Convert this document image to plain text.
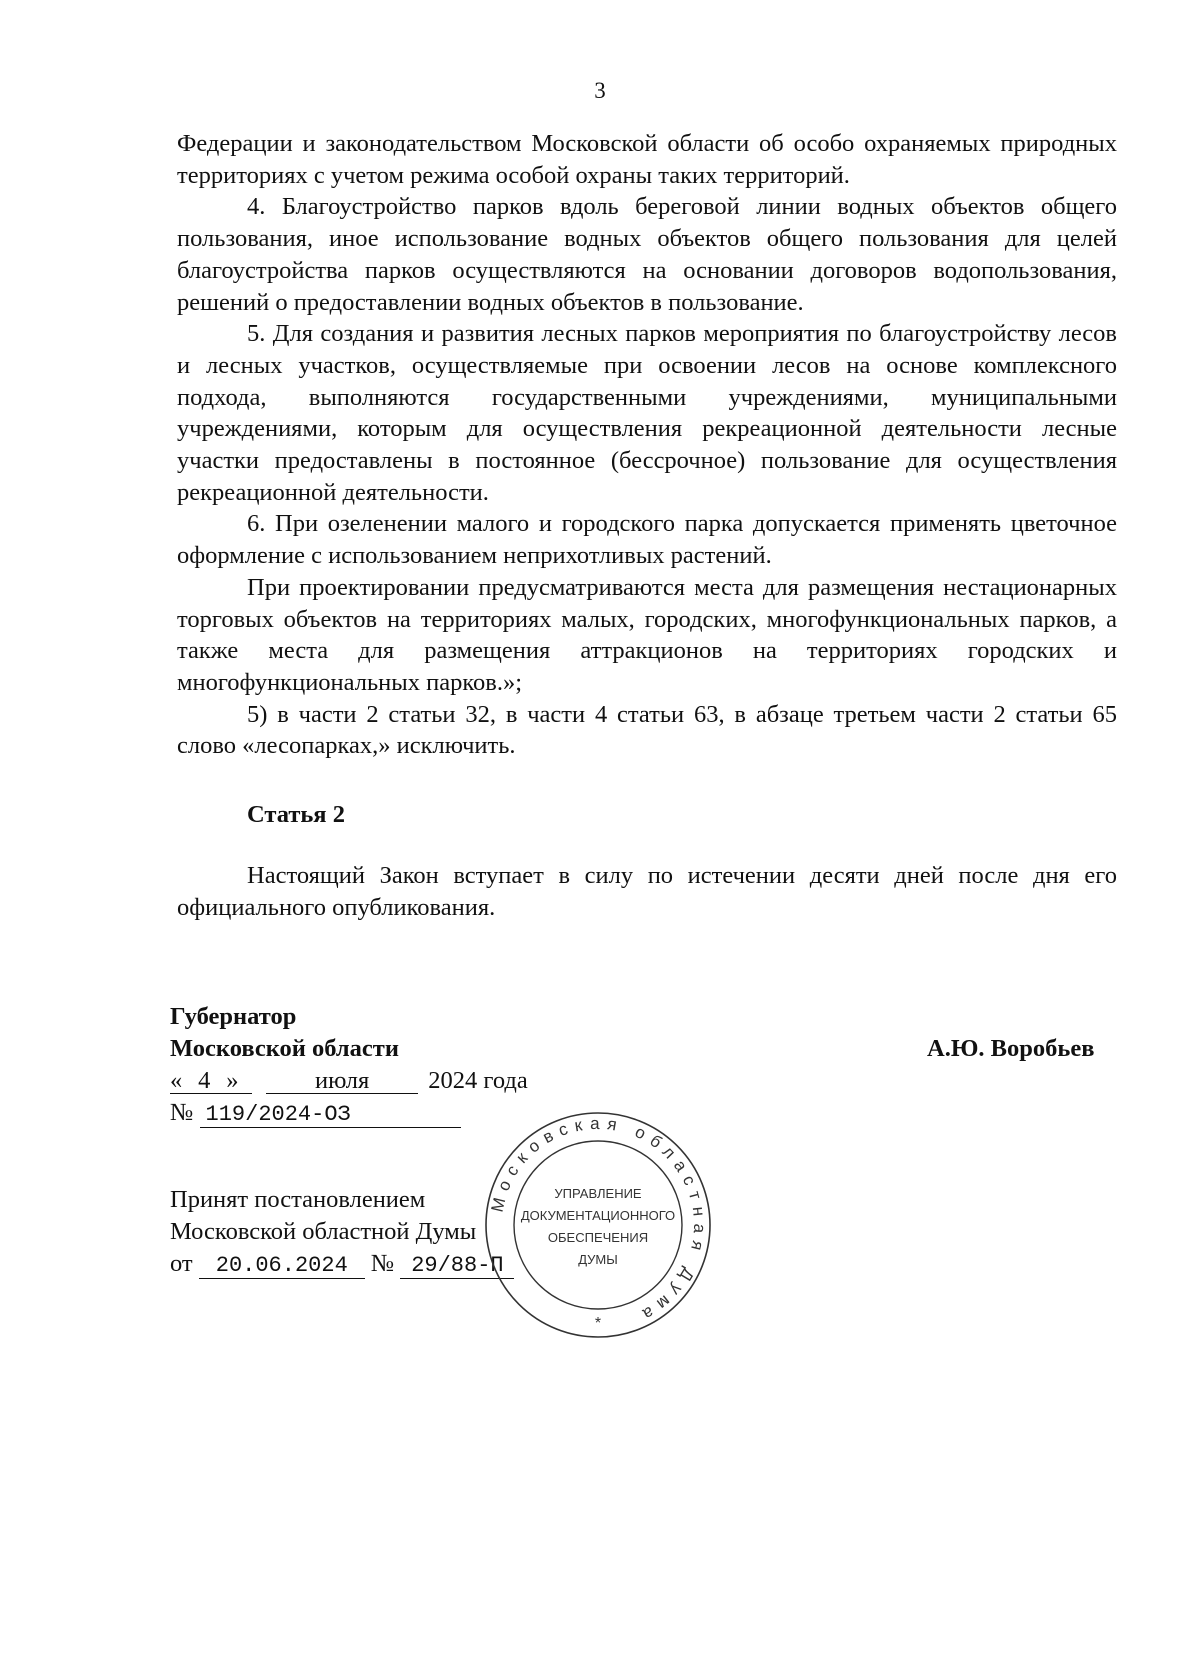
3

Федерации и законодательством Московской области об особо охраняемых природных территориях с учетом режима особой охраны таких территорий.

4. Благоустройство парков вдоль береговой линии водных объектов общего пользования, иное использование водных объектов общего пользования для целей благоустройства парков осуществляются на основании договоров водопользования, решений о предоставлении водных объектов в пользование.

5. Для создания и развития лесных парков мероприятия по благоустройству лесов и лесных участков, осуществляемые при освоении лесов на основе комплексного подхода, выполняются государственными учреждениями, муниципальными учреждениями, которым для осуществления рекреационной деятельности лесные участки предоставлены в постоянное (бессрочное) пользование для осуществления рекреационной деятельности.

6. При озеленении малого и городского парка допускается применять цветочное оформление с использованием неприхотливых растений.

При проектировании предусматриваются места для размещения нестационарных торговых объектов на территориях малых, городских, многофункциональных парков, а также места для размещения аттракционов на территориях городских и многофункциональных парков.»;

5) в части 2 статьи 32, в части 4 статьи 63, в абзаце третьем части 2 статьи 65 слово «лесопарках,» исключить.

Статья 2

Настоящий Закон вступает в силу по истечении десяти дней после дня его официального опубликования.

Губернатор
Московской области	А.Ю. Воробьев
« 4 »	июля 2024 года
№ 119/2024-ОЗ
Принят постановлением
Московской областной Думы
от 20.06.2024 № 29/88-П
Московская областная Дума
УПРАВЛЕНИЕ
ДОКУМЕНТАЦИОННОГО
ОБЕСПЕЧЕНИЯ
ДУМЫ
*
